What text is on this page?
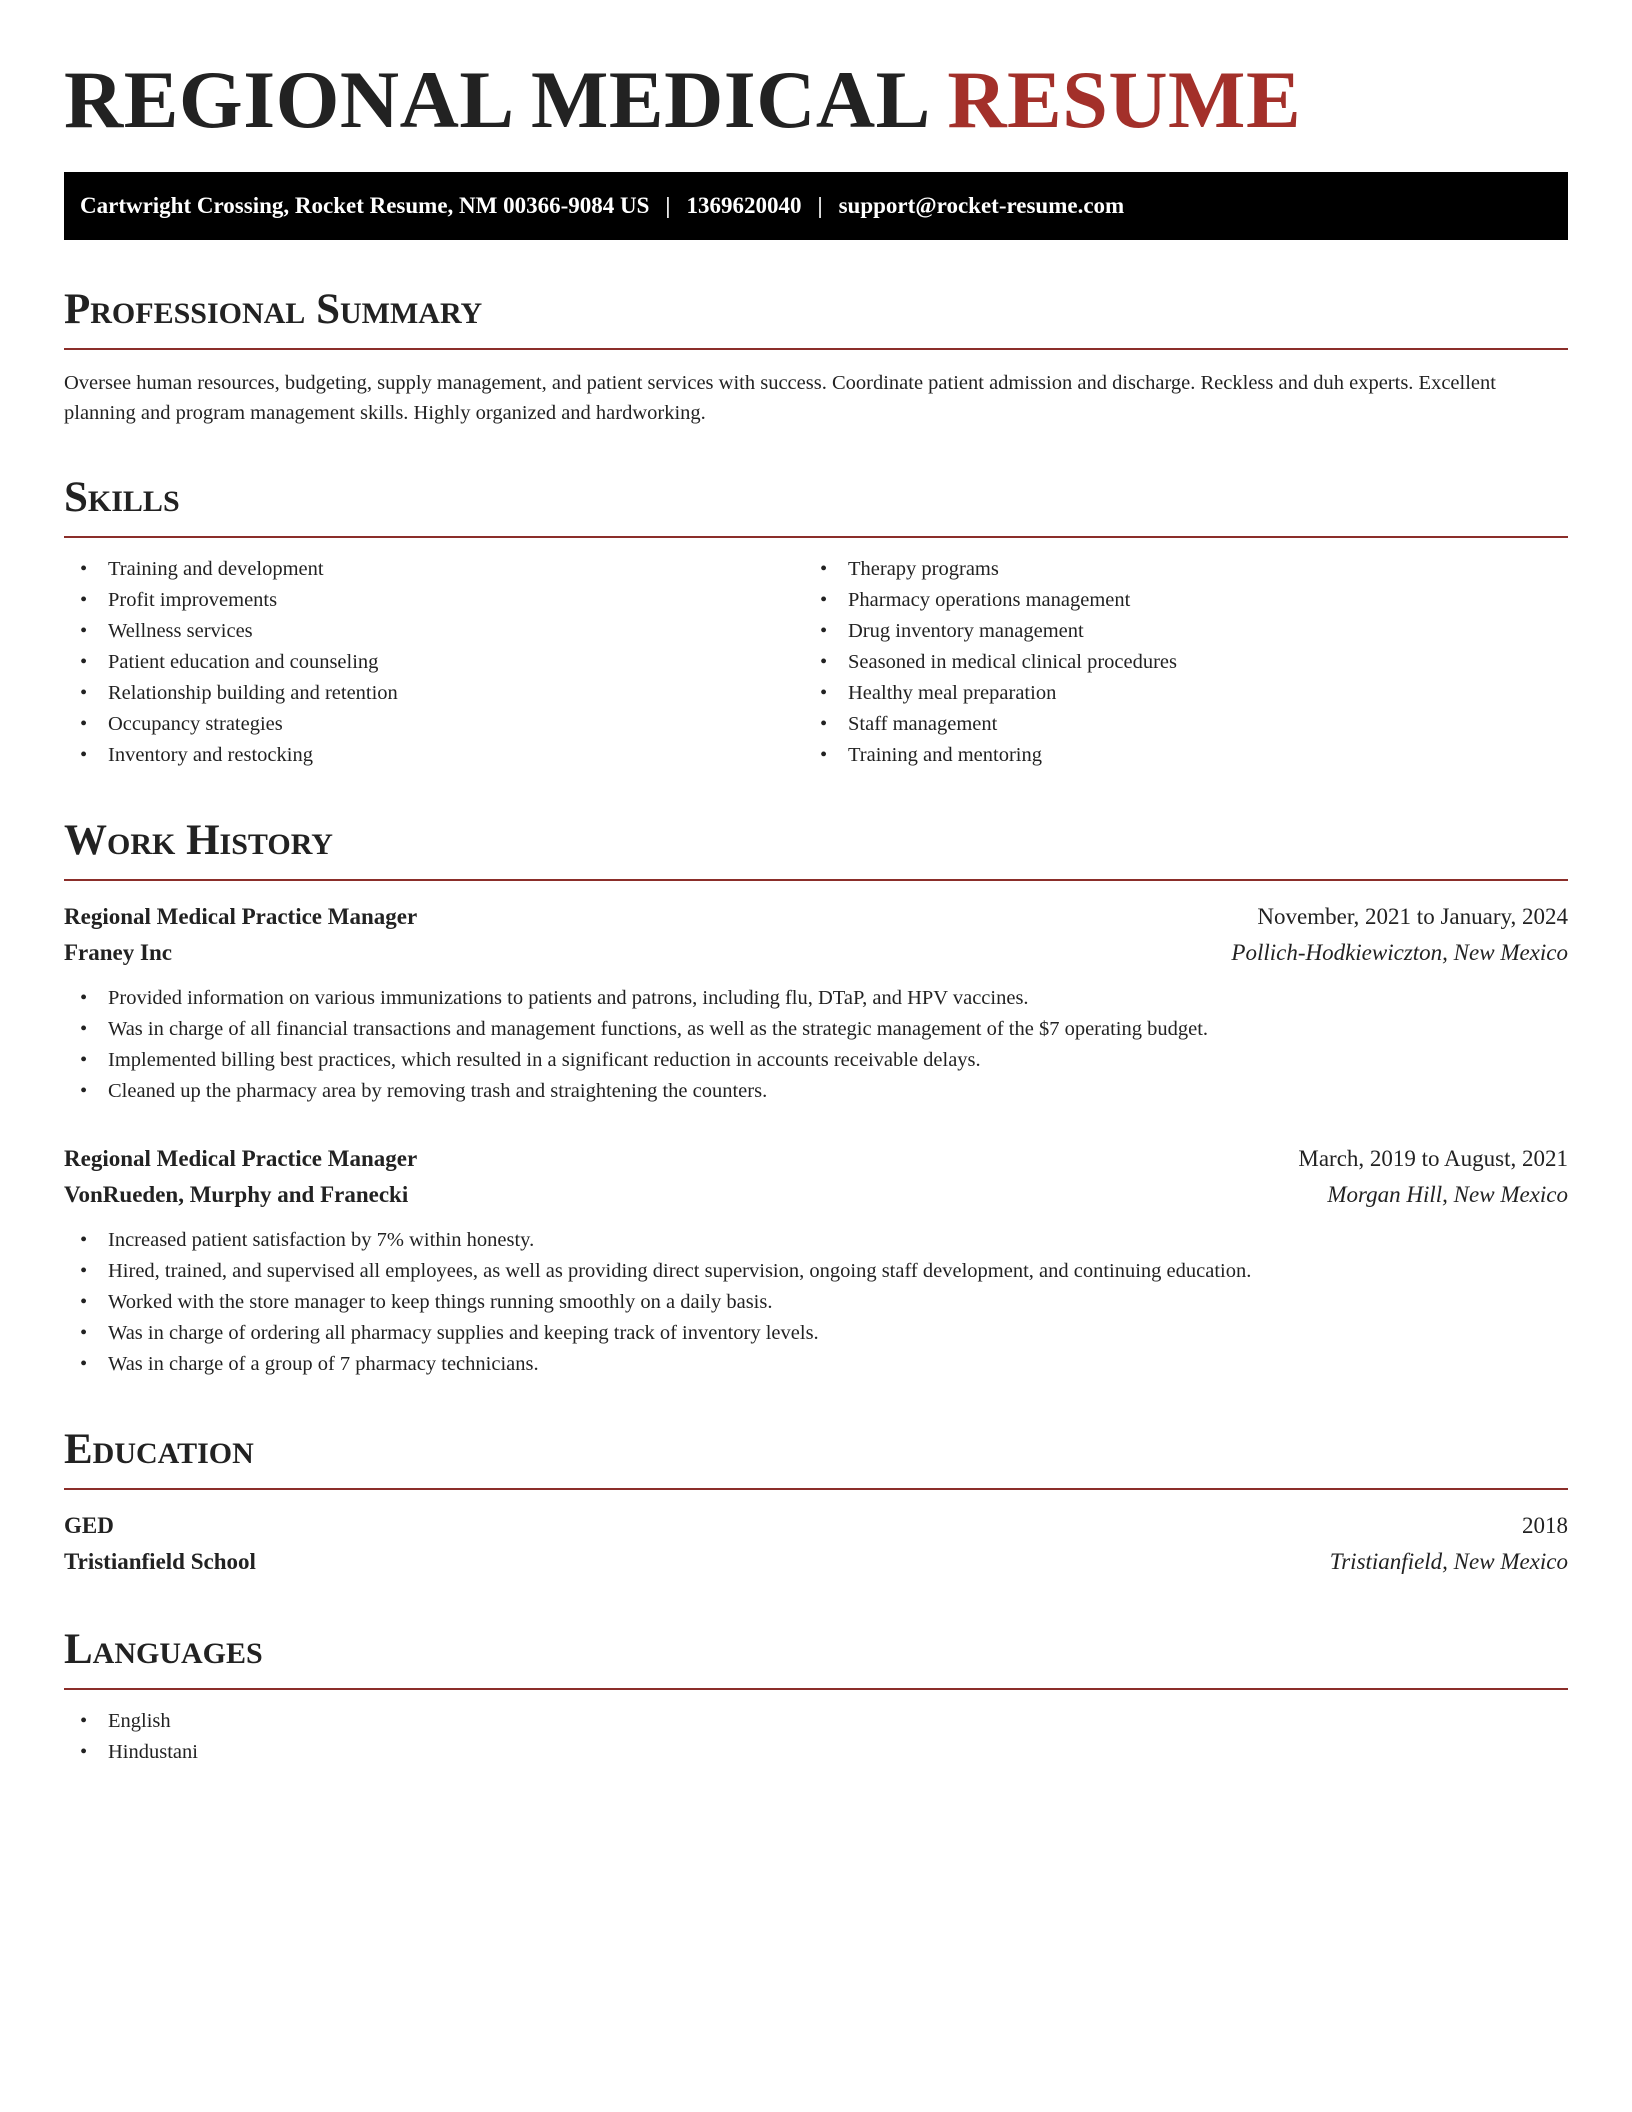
REGIONAL MEDICAL RESUME
Cartwright Crossing, Rocket Resume, NM 00366-9084 US | 1369620040 | support@rocket-resume.com
Professional Summary

Oversee human resources, budgeting, supply management, and patient services with success. Coordinate patient admission and discharge. Reckless and duh experts. Excellent planning and program management skills. Highly organized and hardworking.

Skills
• Training and development
• Profit improvements
• Wellness services
• Patient education and counseling
• Relationship building and retention
• Occupancy strategies
• Inventory and restocking
• Therapy programs
• Pharmacy operations management
• Drug inventory management
• Seasoned in medical clinical procedures
• Healthy meal preparation
• Staff management
• Training and mentoring
Work History
Regional Medical Practice Manager	November, 2021 to January, 2024
Franey Inc	Pollich-Hodkiewiczton, New Mexico
• Provided information on various immunizations to patients and patrons, including flu, DTaP, and HPV vaccines.
• Was in charge of all financial transactions and management functions, as well as the strategic management of the $7 operating budget.
• Implemented billing best practices, which resulted in a significant reduction in accounts receivable delays.
• Cleaned up the pharmacy area by removing trash and straightening the counters.
Regional Medical Practice Manager	March, 2019 to August, 2021
VonRueden, Murphy and Franecki	Morgan Hill, New Mexico
• Increased patient satisfaction by 7% within honesty.
• Hired, trained, and supervised all employees, as well as providing direct supervision, ongoing staff development, and continuing education.
• Worked with the store manager to keep things running smoothly on a daily basis.
• Was in charge of ordering all pharmacy supplies and keeping track of inventory levels.
• Was in charge of a group of 7 pharmacy technicians.
Education
GED	2018
Tristianfield School	Tristianfield, New Mexico
Languages
• English
• Hindustani
